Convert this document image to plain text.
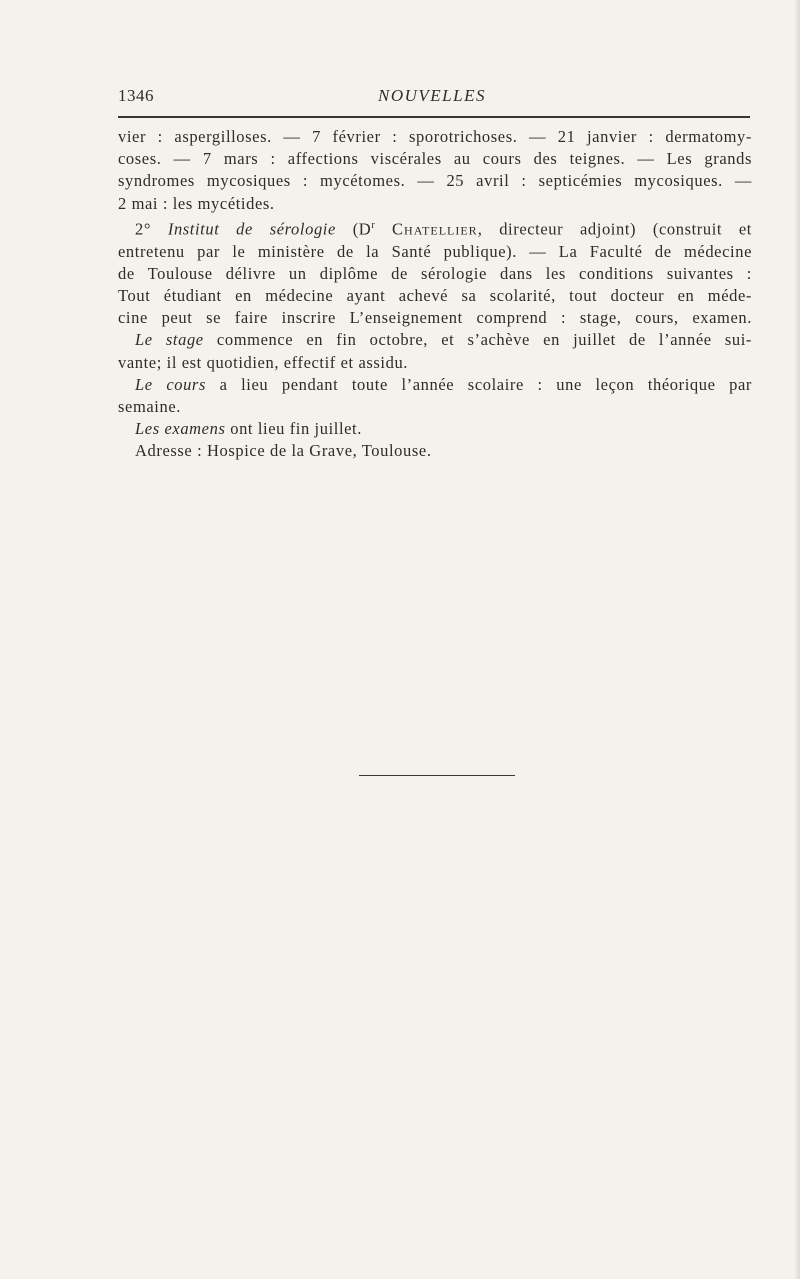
1346	NOUVELLES
vier : aspergilloses. — 7 février : sporotrichoses. — 21 janvier : dermatomy-
coses. — 7 mars : affections viscérales au cours des teignes. — Les grands
syndromes mycosiques : mycétomes. — 25 avril : septicémies mycosiques. —
2 mai : les mycétides.
2° Institut de sérologie ($D^r$ Chatellier, directeur adjoint) (construit et
entretenu par le ministère de la Santé publique). — La Faculté de médecine
de Toulouse délivre un diplôme de sérologie dans les conditions suivantes :
Tout étudiant en médecine ayant achevé sa scolarité, tout docteur en méde-
cine peut se faire inscrire L’enseignement comprend : stage, cours, examen.
Le stage commence en fin octobre, et s’achève en juillet de l’année sui-
vante; il est quotidien, effectif et assidu.
Le cours a lieu pendant toute l’année scolaire : une leçon théorique par
semaine.
Les examens ont lieu fin juillet.
Adresse : Hospice de la Grave, Toulouse.
